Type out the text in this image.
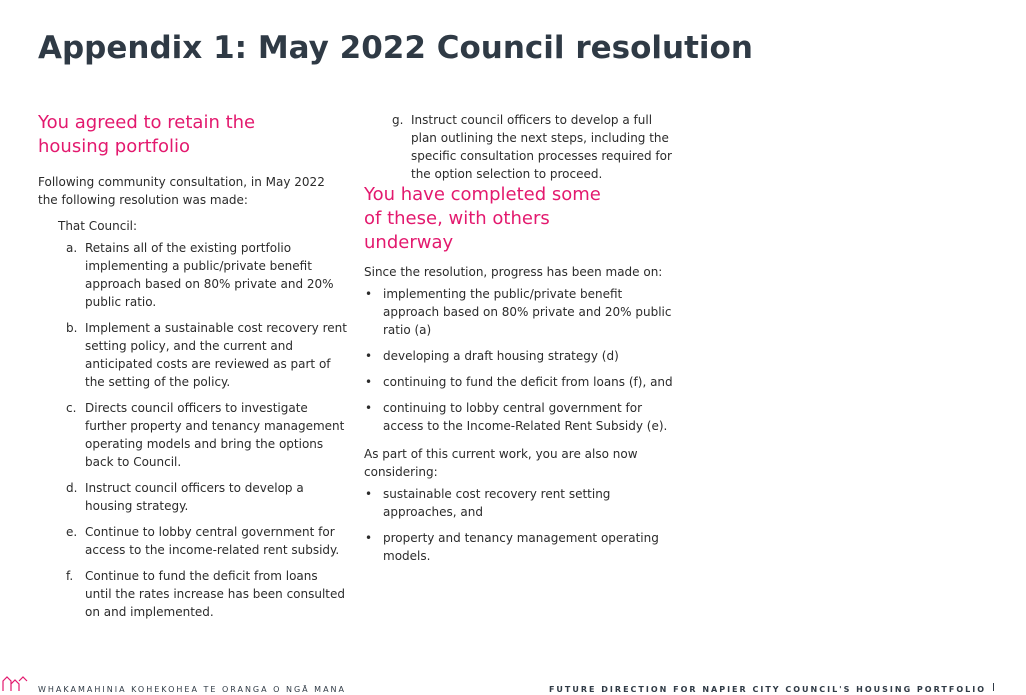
Appendix 1: May 2022 Council resolution
You agreed to retain the housing portfolio

Following community consultation, in May 2022 the following resolution was made:

That Council:

a. Retains all of the existing portfolio implementing a public/private benefit approach based on 80% private and 20% public ratio.
b. Implement a sustainable cost recovery rent setting policy, and the current and anticipated costs are reviewed as part of the setting of the policy.
c. Directs council officers to investigate further property and tenancy management operating models and bring the options back to Council.
d. Instruct council officers to develop a housing strategy.
e. Continue to lobby central government for access to the income-related rent subsidy.
f. Continue to fund the deficit from loans until the rates increase has been consulted on and implemented.
g. Instruct council officers to develop a full plan outlining the next steps, including the specific consultation processes required for the option selection to proceed.
You have completed some of these, with others underway

Since the resolution, progress has been made on:

• implementing the public/private benefit approach based on 80% private and 20% public ratio (a)
• developing a draft housing strategy (d)
• continuing to fund the deficit from loans (f), and
• continuing to lobby central government for access to the Income-Related Rent Subsidy (e).

As part of this current work, you are also now considering:

• sustainable cost recovery rent setting approaches, and
• property and tenancy management operating models.
WHAKAMAHINIA KOHEKOHEA TE ORANGA O NGĀ MANA	FUTURE DIRECTION FOR NAPIER CITY COUNCIL'S HOUSING PORTFOLIO
